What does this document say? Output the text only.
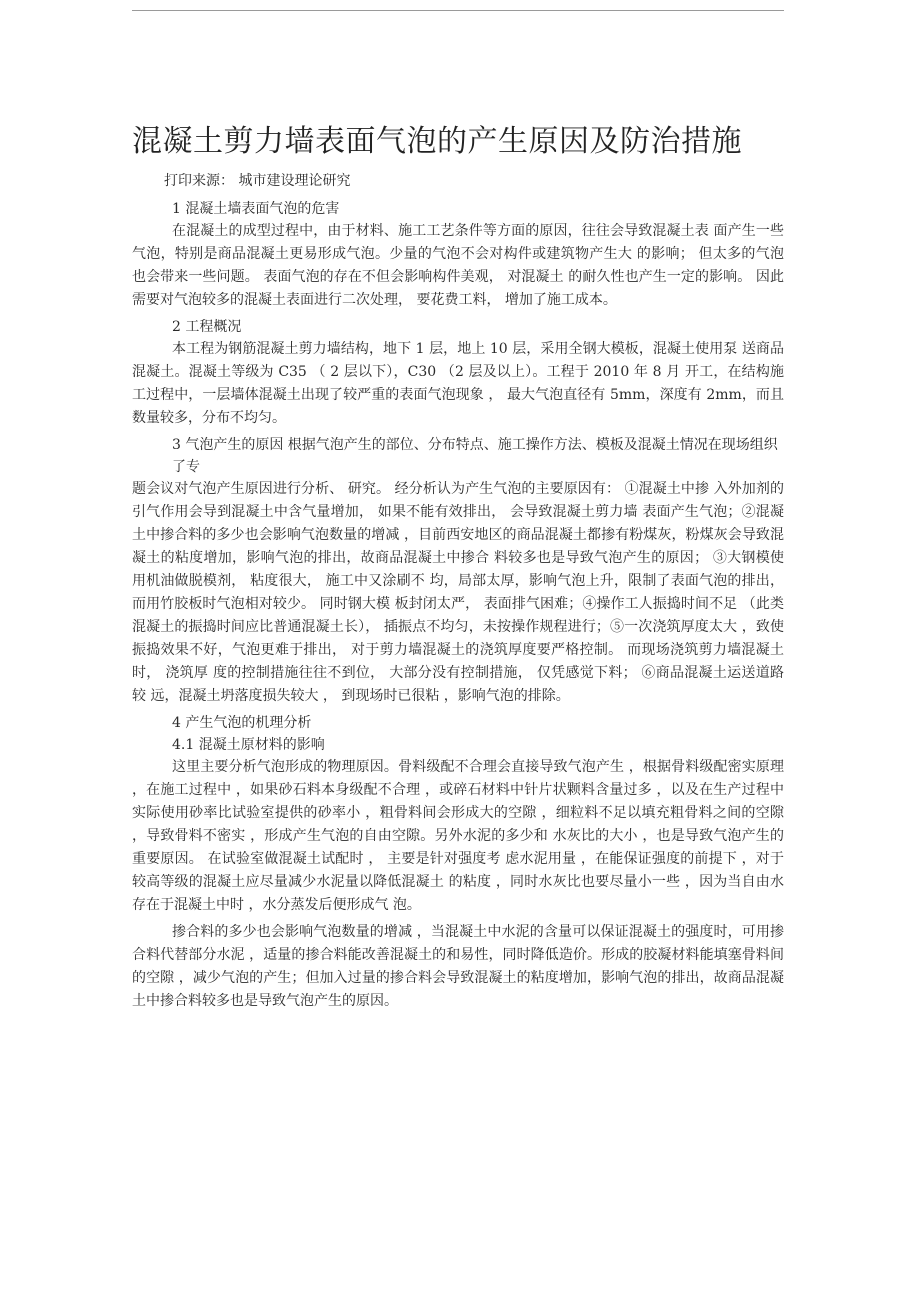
混凝土剪力墙表面气泡的产生原因及防治措施

打印来源： 城市建设理论研究

1 混凝土墙表面气泡的危害

在混凝土的成型过程中，由于材料、施工工艺条件等方面的原因，往往会导致混凝土表 面产生一些气泡，特别是商品混凝土更易形成气泡。少量的气泡不会对构件或建筑物产生大 的影响； 但太多的气泡也会带来一些问题。 表面气泡的存在不但会影响构件美观， 对混凝土 的耐久性也产生一定的影响。 因此需要对气泡较多的混凝土表面进行二次处理， 要花费工料， 增加了施工成本。

2 工程概况

本工程为钢筋混凝土剪力墙结构，地下 1 层，地上 10 层，采用全钢大模板，混凝土使用泵 送商品混凝土。混凝土等级为 C35 （ 2 层以下），C30 （2 层及以上）。工程于 2010 年 8 月 开工，在结构施工过程中，一层墙体混凝土出现了较严重的表面气泡现象 ， 最大气泡直径有 5mm，深度有 2mm，而且数量较多，分布不均匀。

3 气泡产生的原因 根据气泡产生的部位、分布特点、施工操作方法、模板及混凝土情况在现场组织了专

题会议对气泡产生原因进行分析、 研究。 经分析认为产生气泡的主要原因有： ①混凝土中掺 入外加剂的引气作用会导到混凝土中含气量增加， 如果不能有效排出， 会导致混凝土剪力墙 表面产生气泡；②混凝土中掺合料的多少也会影响气泡数量的增减 ，目前西安地区的商品混凝土都掺有粉煤灰，粉煤灰会导致混凝土的粘度增加，影响气泡的排出，故商品混凝土中掺合 料较多也是导致气泡产生的原因； ③大钢模使用机油做脱模剂， 粘度很大， 施工中又涂刷不 均，局部太厚，影响气泡上升，限制了表面气泡的排出，而用竹胶板时气泡相对较少。 同时钢大模 板封闭太严， 表面排气困难；④操作工人振捣时间不足 （此类混凝土的振捣时间应比普通混凝土长）， 插振点不均匀，未按操作规程进行；⑤一次浇筑厚度太大 ，致使振捣效果不好，气泡更难于排出， 对于剪力墙混凝土的浇筑厚度要严格控制。 而现场浇筑剪力墙混凝土时， 浇筑厚 度的控制措施往往不到位， 大部分没有控制措施， 仅凭感觉下料； ⑥商品混凝土运送道路较 远，混凝土坍落度损失较大 ， 到现场时已很粘 ，影响气泡的排除。

4 产生气泡的机理分析

4.1 混凝土原材料的影响

这里主要分析气泡形成的物理原因。骨料级配不合理会直接导致气泡产生 ，根据骨料级配密实原理 ，在施工过程中 ，如果砂石料本身级配不合理 ，或碎石材料中针片状颗料含量过多 ，以及在生产过程中实际使用砂率比试验室提供的砂率小 ，粗骨料间会形成大的空隙 ，细粒料不足以填充粗骨料之间的空隙 ，导致骨料不密实 ，形成产生气泡的自由空隙。另外水泥的多少和 水灰比的大小 ，也是导致气泡产生的重要原因。 在试验室做混凝土试配时 ， 主要是针对强度考 虑水泥用量 ，在能保证强度的前提下 ，对于较高等级的混凝土应尽量减少水泥量以降低混凝土 的粘度 ，同时水灰比也要尽量小一些 ，因为当自由水存在于混凝土中时 ，水分蒸发后便形成气 泡。

掺合料的多少也会影响气泡数量的增减 ，当混凝土中水泥的含量可以保证混凝土的强度时，可用掺合料代替部分水泥 ，适量的掺合料能改善混凝土的和易性，同时降低造价。形成的胶凝材料能填塞骨料间的空隙 ，减少气泡的产生；但加入过量的掺合料会导致混凝土的粘度增加，影响气泡的排出，故商品混凝土中掺合料较多也是导致气泡产生的原因。
